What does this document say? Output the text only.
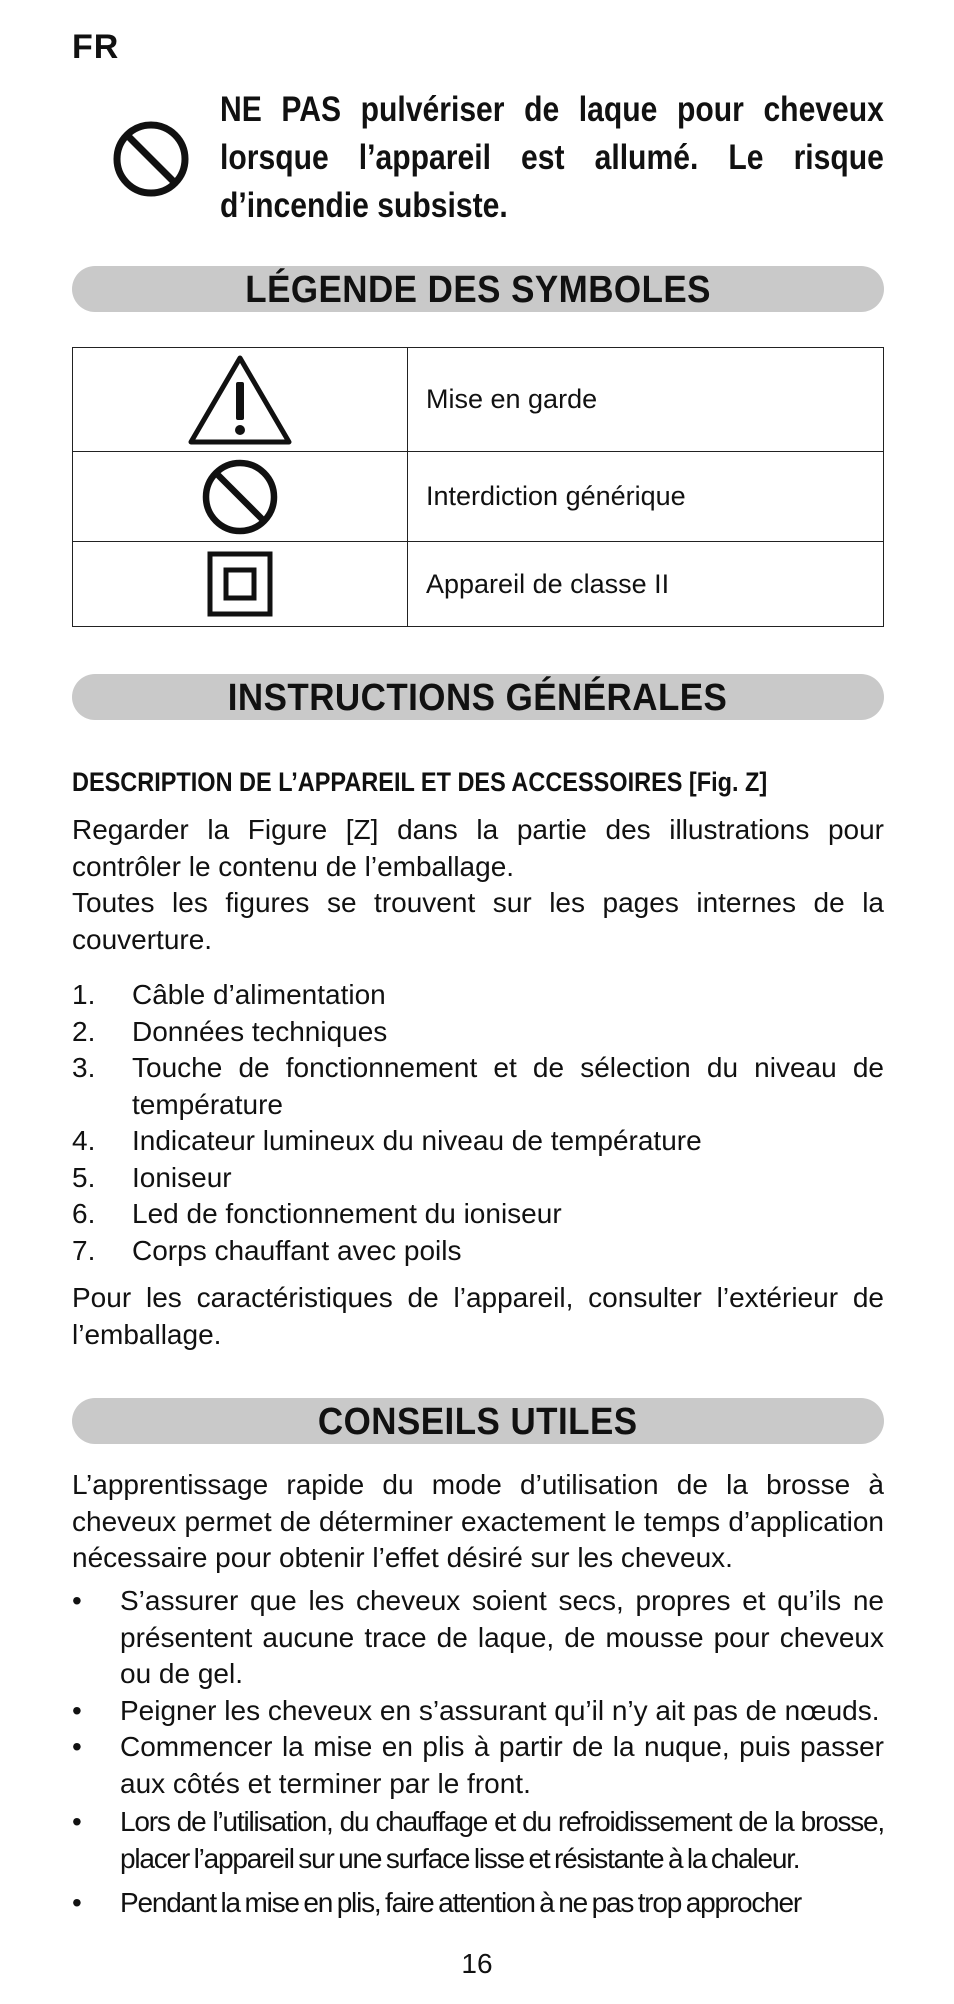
FR
NE PAS pulvériser de laque pour cheveux lorsque l’appareil est allumé. Le risque d’incendie subsiste.
LÉGENDE DES SYMBOLES
	Mise en garde

	Interdiction générique

	Appareil de classe II
INSTRUCTIONS GÉNÉRALES
DESCRIPTION DE L’APPAREIL ET DES ACCESSOIRES [Fig. Z]
Regarder la Figure [Z] dans la partie des illustrations pour contrôler le contenu de l’emballage.
Toutes les figures se trouvent sur les pages internes de la couverture.
1. Câble d’alimentation
2. Données techniques
3. Touche de fonctionnement et de sélection du niveau de température
4. Indicateur lumineux du niveau de température
5. Ioniseur
6. Led de fonctionnement du ioniseur
7. Corps chauffant avec poils
Pour les caractéristiques de l’appareil, consulter l’extérieur de l’emballage.
CONSEILS UTILES
L’apprentissage rapide du mode d’utilisation de la brosse à cheveux permet de déterminer exactement le temps d’application nécessaire pour obtenir l’effet désiré sur les cheveux.
• S’assurer que les cheveux soient secs, propres et qu’ils ne présentent aucune trace de laque, de mousse pour cheveux ou de gel.
• Peigner les cheveux en s’assurant qu’il n’y ait pas de nœuds.
• Commencer la mise en plis à partir de la nuque, puis passer aux côtés et terminer par le front.
• Lors de l’utilisation, du chauffage et du refroidissement de la brosse, placer l’appareil sur une surface lisse et résistante à la chaleur.
• Pendant la mise en plis, faire attention à ne pas trop approcher
16
